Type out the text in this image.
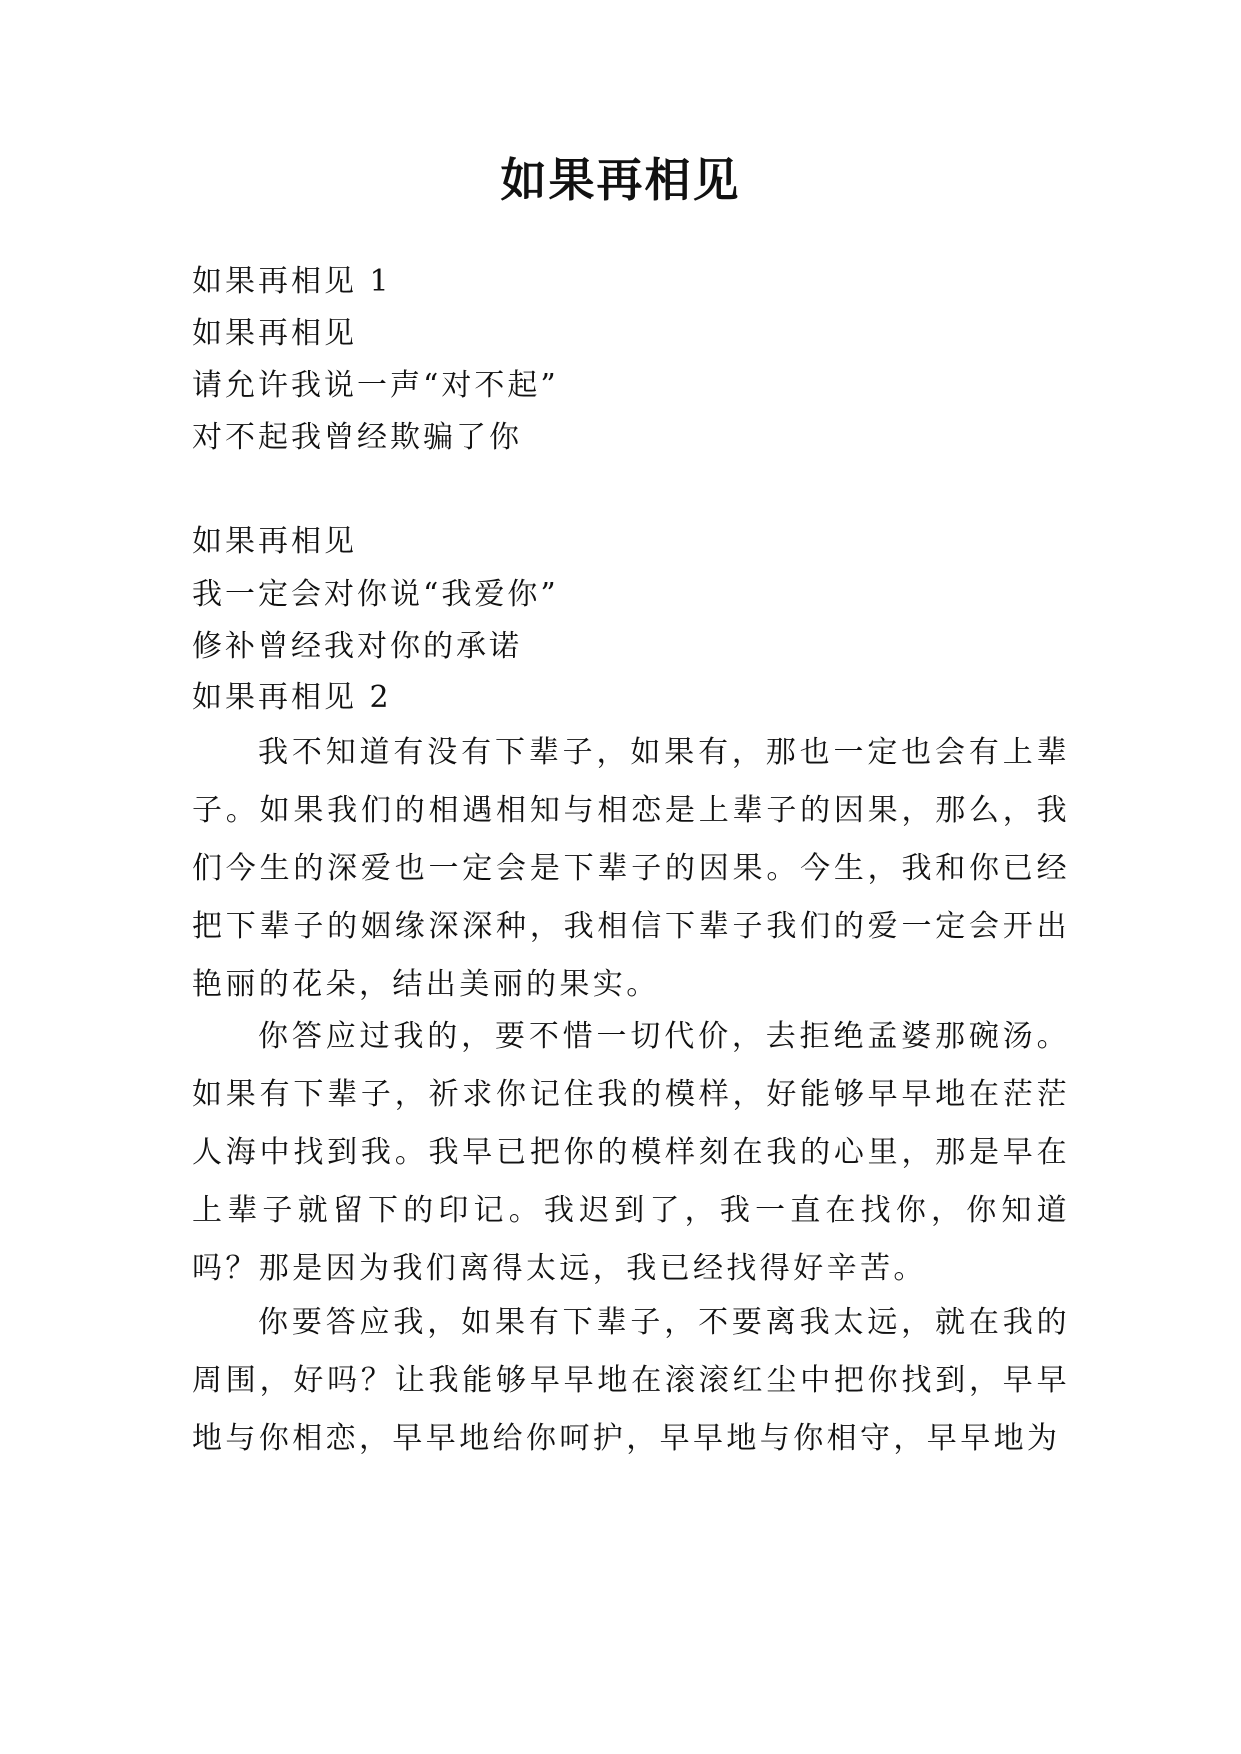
如果再相见

如果再相见 1

如果再相见

请允许我说一声“对不起”

对不起我曾经欺骗了你

如果再相见

我一定会对你说“我爱你”

修补曾经我对你的承诺

如果再相见 2

我不知道有没有下辈子，如果有，那也一定也会有上辈子。如果我们的相遇相知与相恋是上辈子的因果，那么，我们今生的深爱也一定会是下辈子的因果。今生，我和你已经把下辈子的姻缘深深种，我相信下辈子我们的爱一定会开出艳丽的花朵，结出美丽的果实。

你答应过我的，要不惜一切代价，去拒绝孟婆那碗汤。如果有下辈子，祈求你记住我的模样，好能够早早地在茫茫人海中找到我。我早已把你的模样刻在我的心里，那是早在上辈子就留下的印记。我迟到了，我一直在找你，你知道吗？那是因为我们离得太远，我已经找得好辛苦。

你要答应我，如果有下辈子，不要离我太远，就在我的周围，好吗？让我能够早早地在滚滚红尘中把你找到，早早地与你相恋，早早地给你呵护，早早地与你相守，早早地为
